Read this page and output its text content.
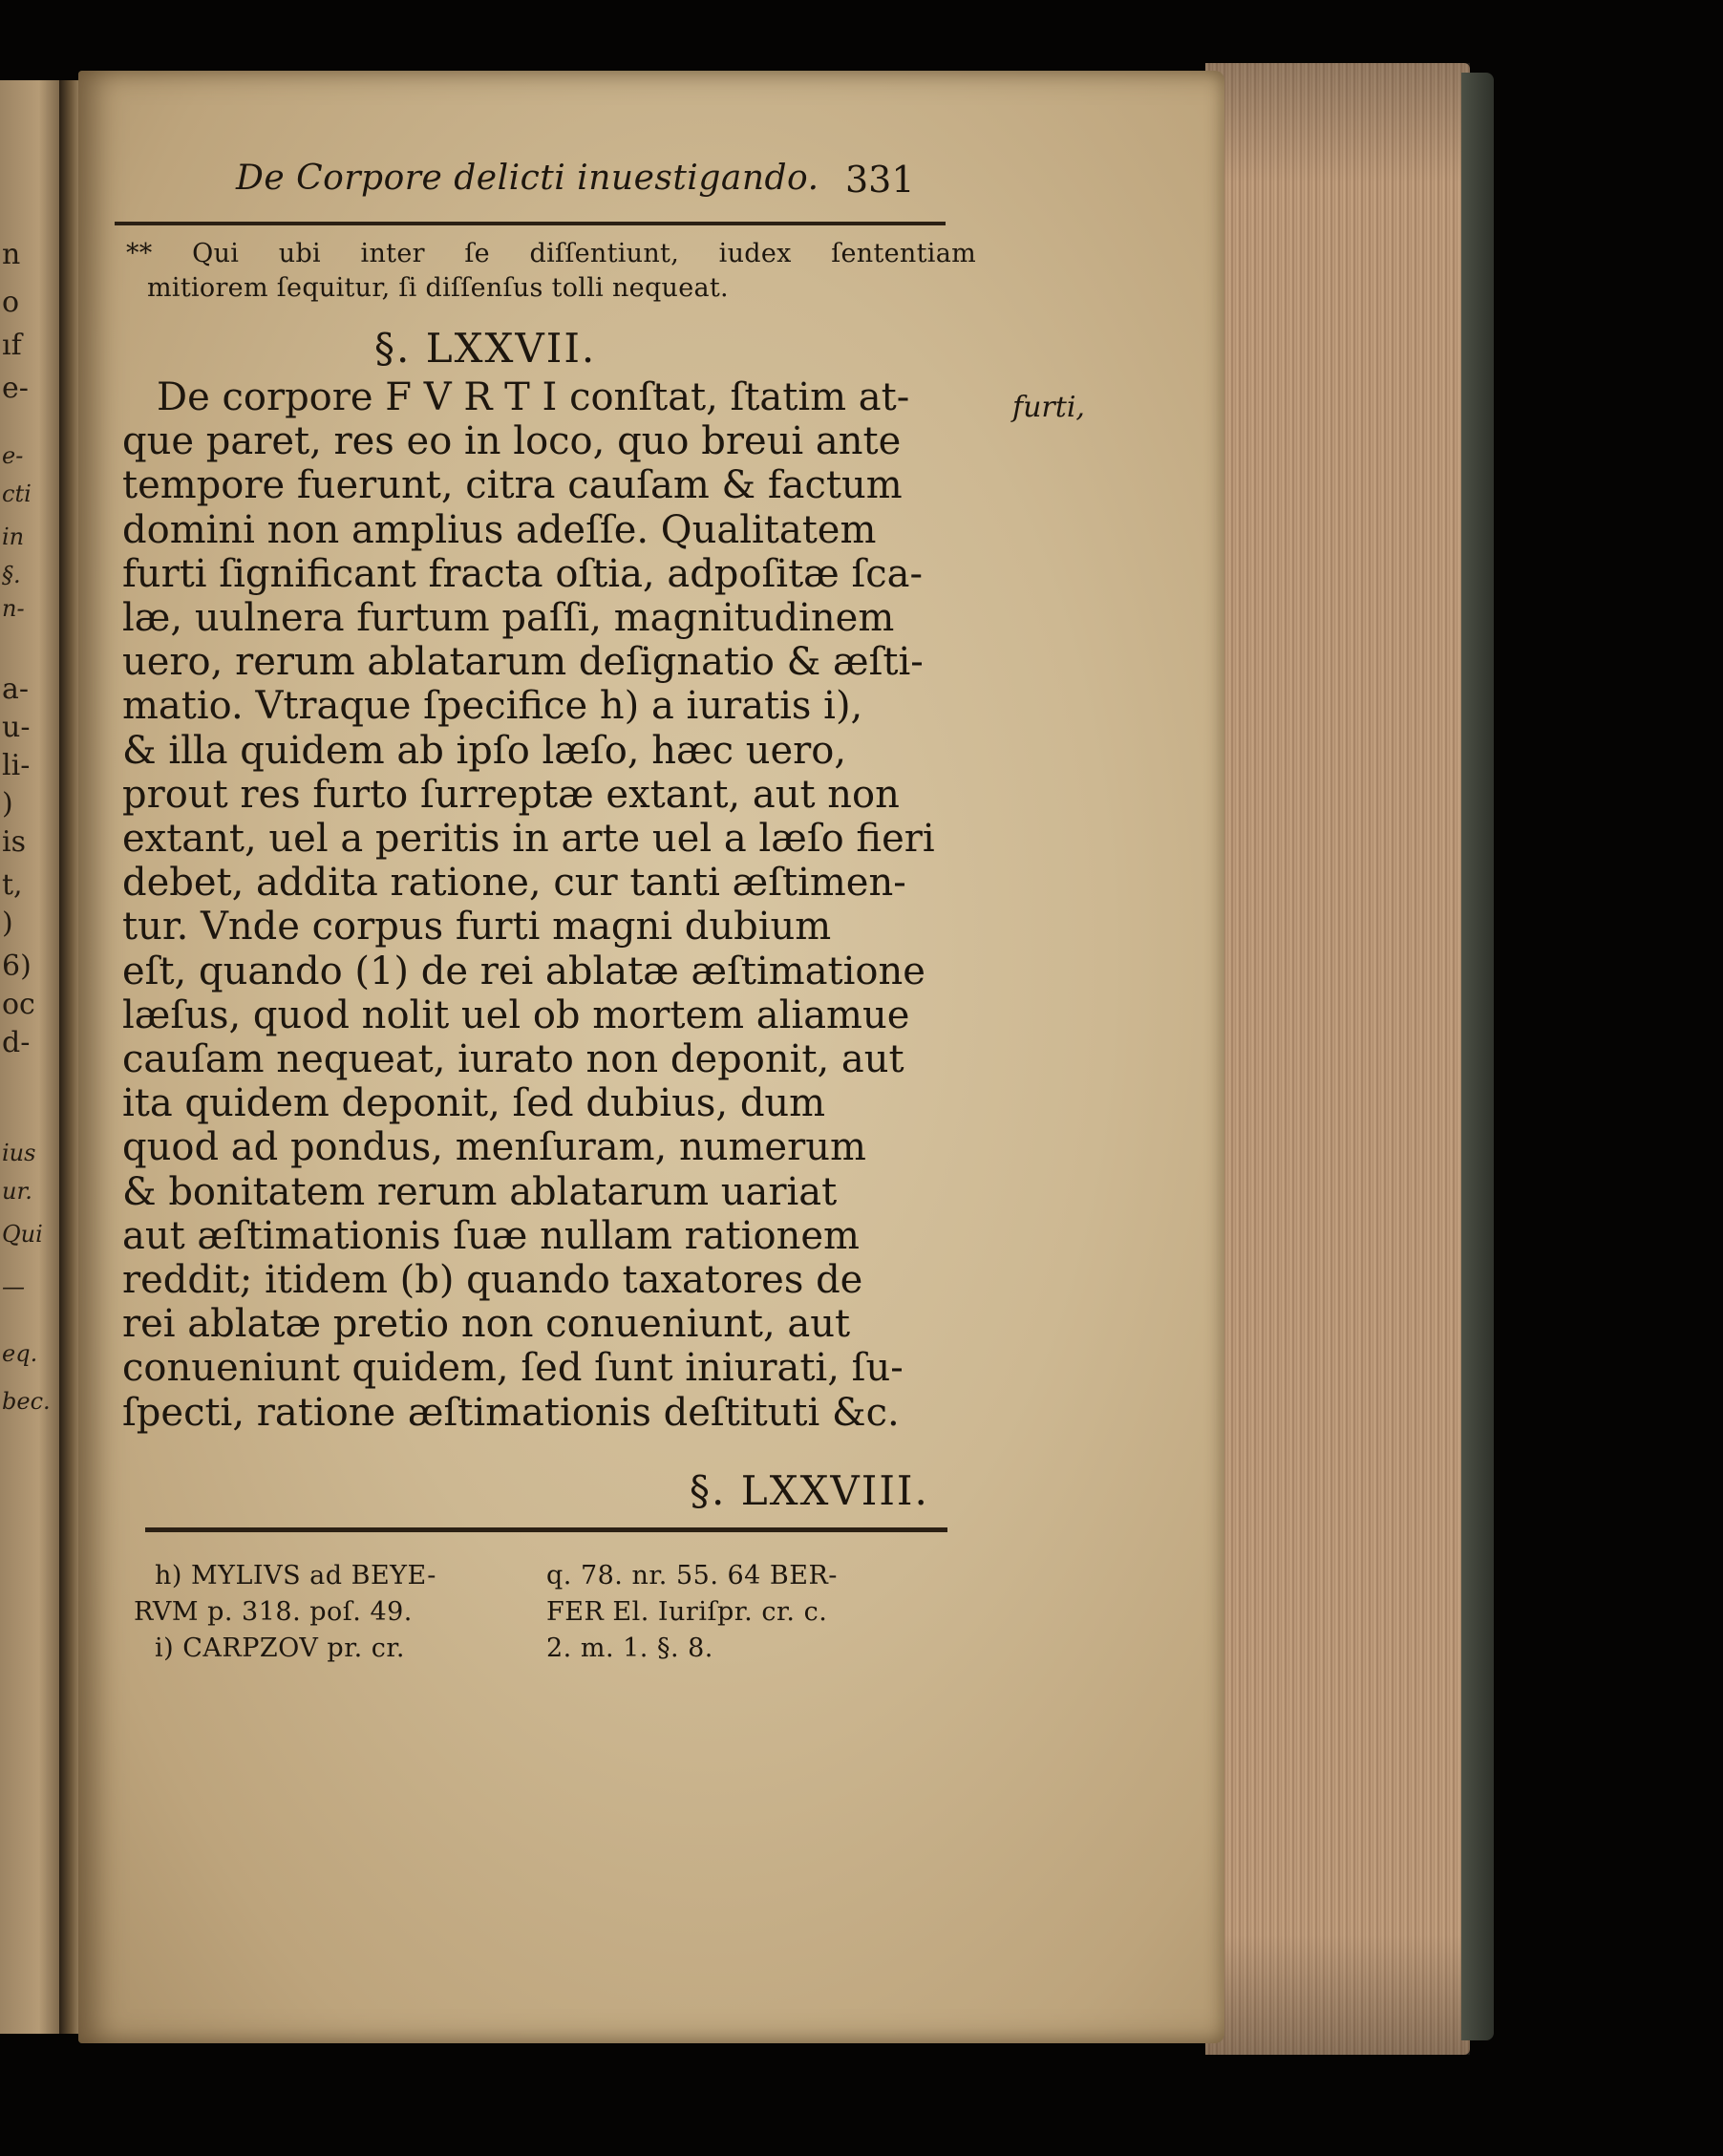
n
o
ıf
e-
e-
cti
in
§.
n-
a-
u-
li-
)
is
t,
)
6)
oc
d-
ius
ur.
Qui
—
eq.
bec.
De Corpore delicti inuestigando. 331
** Qui ubi inter ſe diſſentiunt, iudex ſententiam
mitiorem ſequitur, ſi diſſenſus tolli nequeat.
§. LXXVII.
furti,
De corpore F V R T I conſtat, ſtatim at-
que paret, res eo in loco, quo breui ante
tempore fuerunt, citra cauſam & factum
domini non amplius adeſſe. Qualitatem
furti ſignificant fracta oſtia, adpoſitæ ſca-
læ, uulnera furtum paſſi, magnitudinem
uero, rerum ablatarum deſignatio & æſti-
matio. Vtraque ſpecifice h) a iuratis i),
& illa quidem ab ipſo læſo, hæc uero,
prout res furto ſurreptæ extant, aut non
extant, uel a peritis in arte uel a læſo fieri
debet, addita ratione, cur tanti æſtimen-
tur. Vnde corpus furti magni dubium
eſt, quando (1) de rei ablatæ æſtimatione
læſus, quod nolit uel ob mortem aliamue
cauſam nequeat, iurato non deponit, aut
ita quidem deponit, ſed dubius, dum
quod ad pondus, menſuram, numerum
& bonitatem rerum ablatarum uariat
aut æſtimationis ſuæ nullam rationem
reddit; itidem (b) quando taxatores de
rei ablatæ pretio non conueniunt, aut
conueniunt quidem, ſed ſunt iniurati, ſu-
ſpecti, ratione æſtimationis deſtituti &c.
§. LXXVIII.
h) MYLIVS ad BEYE-
RVM p. 318. poſ. 49.
i) CARPZOV pr. cr.
q. 78. nr. 55. 64 BER-
FER El. Iuriſpr. cr. c.
2. m. 1. §. 8.
